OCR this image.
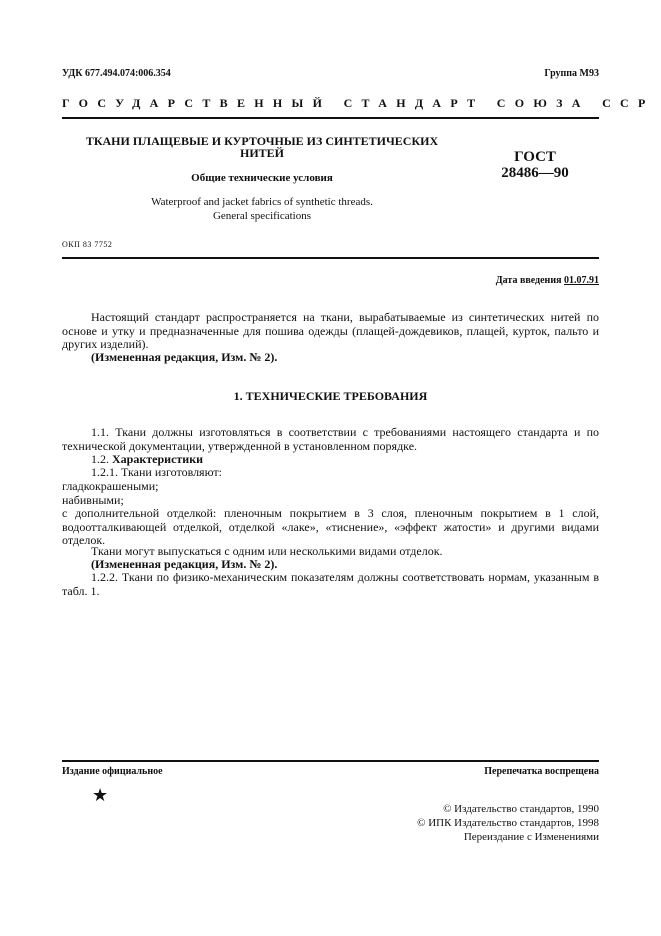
УДК 677.494.074:006.354	Группа М93
ГОСУДАРСТВЕННЫЙ СТАНДАРТ СОЮЗА ССР
ТКАНИ ПЛАЩЕВЫЕ И КУРТОЧНЫЕ ИЗ СИНТЕТИЧЕСКИХ
НИТЕЙ
Общие технические условия
Waterproof and jacket fabrics of synthetic threads.
General specifications
ГОСТ
28486—90
ОКП 83 7752
Дата введения 01.07.91
Настоящий стандарт распространяется на ткани, вырабатываемые из синтетических нитей по основе и утку и предназначенные для пошива одежды (плащей-дождевиков, плащей, курток, пальто и других изделий).
(Измененная редакция, Изм. № 2).
1. ТЕХНИЧЕСКИЕ ТРЕБОВАНИЯ
1.1. Ткани должны изготовляться в соответствии с требованиями настоящего стандарта и по технической документации, утвержденной в установленном порядке.
1.2. Характеристики
1.2.1. Ткани изготовляют:
гладкокрашеными;
набивными;
с дополнительной отделкой: пленочным покрытием в 3 слоя, пленочным покрытием в 1 слой, водоотталкивающей отделкой, отделкой «лаке», «тиснение», «эффект жатости» и другими видами отделок.
Ткани могут выпускаться с одним или несколькими видами отделок.
(Измененная редакция, Изм. № 2).
1.2.2. Ткани по физико-механическим показателям должны соответствовать нормам, указанным в табл. 1.
Издание официальное	Перепечатка воспрещена
★
© Издательство стандартов, 1990
© ИПК Издательство стандартов, 1998
Переиздание с Изменениями
